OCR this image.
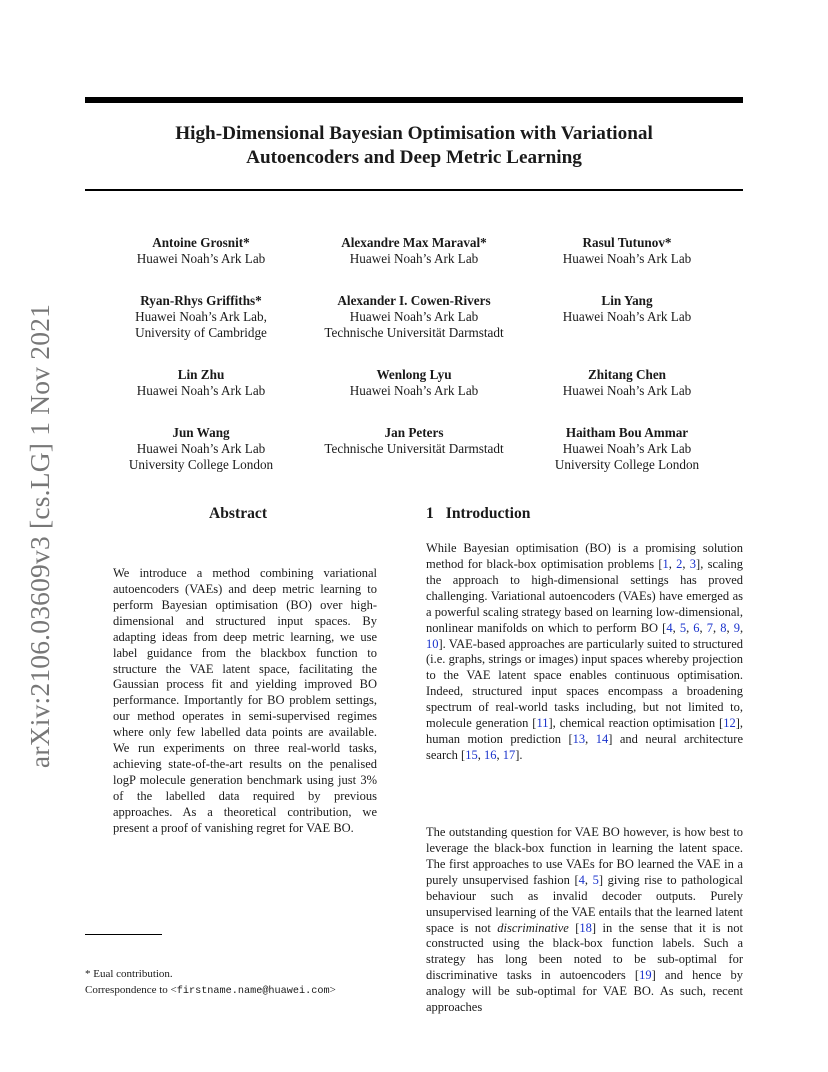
High-Dimensional Bayesian Optimisation with Variational
Autoencoders and Deep Metric Learning
arXiv:2106.03609v3 [cs.LG] 1 Nov 2021
Antoine Grosnit*
Huawei Noah’s Ark Lab
Alexandre Max Maraval*
Huawei Noah’s Ark Lab
Rasul Tutunov*
Huawei Noah’s Ark Lab
Ryan-Rhys Griffiths*
Huawei Noah’s Ark Lab,
University of Cambridge
Alexander I. Cowen-Rivers
Huawei Noah’s Ark Lab
Technische Universität Darmstadt
Lin Yang
Huawei Noah’s Ark Lab
Lin Zhu
Huawei Noah’s Ark Lab
Wenlong Lyu
Huawei Noah’s Ark Lab
Zhitang Chen
Huawei Noah’s Ark Lab
Jun Wang
Huawei Noah’s Ark Lab
University College London
Jan Peters
Technische Universität Darmstadt
Haitham Bou Ammar
Huawei Noah’s Ark Lab
University College London
Abstract
We introduce a method combining variational autoencoders (VAEs) and deep metric learning to perform Bayesian optimisation (BO) over high-dimensional and structured input spaces. By adapting ideas from deep metric learning, we use label guidance from the blackbox function to structure the VAE latent space, facilitating the Gaussian process fit and yielding improved BO performance. Importantly for BO problem settings, our method operates in semi-supervised regimes where only few labelled data points are available. We run experiments on three real-world tasks, achieving state-of-the-art results on the penalised logP molecule generation benchmark using just 3% of the labelled data required by previous approaches. As a theoretical contribution, we present a proof of vanishing regret for VAE BO.
1 Introduction
While Bayesian optimisation (BO) is a promising solution method for black-box optimisation problems [1, 2, 3], scaling the approach to high-dimensional settings has proved challenging. Variational autoencoders (VAEs) have emerged as a powerful scaling strategy based on learning low-dimensional, nonlinear manifolds on which to perform BO [4, 5, 6, 7, 8, 9, 10]. VAE-based approaches are particularly suited to structured (i.e. graphs, strings or images) input spaces whereby projection to the VAE latent space enables continuous optimisation. Indeed, structured input spaces encompass a broadening spectrum of real-world tasks including, but not limited to, molecule generation [11], chemical reaction optimisation [12], human motion prediction [13, 14] and neural architecture search [15, 16, 17].
The outstanding question for VAE BO however, is how best to leverage the black-box function in learning the latent space. The first approaches to use VAEs for BO learned the VAE in a purely unsupervised fashion [4, 5] giving rise to pathological behaviour such as invalid decoder outputs. Purely unsupervised learning of the VAE entails that the learned latent space is not discriminative [18] in the sense that it is not constructed using the black-box function labels. Such a strategy has long been noted to be sub-optimal for discriminative tasks in autoencoders [19] and hence by analogy will be sub-optimal for VAE BO. As such, recent approaches
* Eual contribution.
Correspondence to <firstname.name@huawei.com>
